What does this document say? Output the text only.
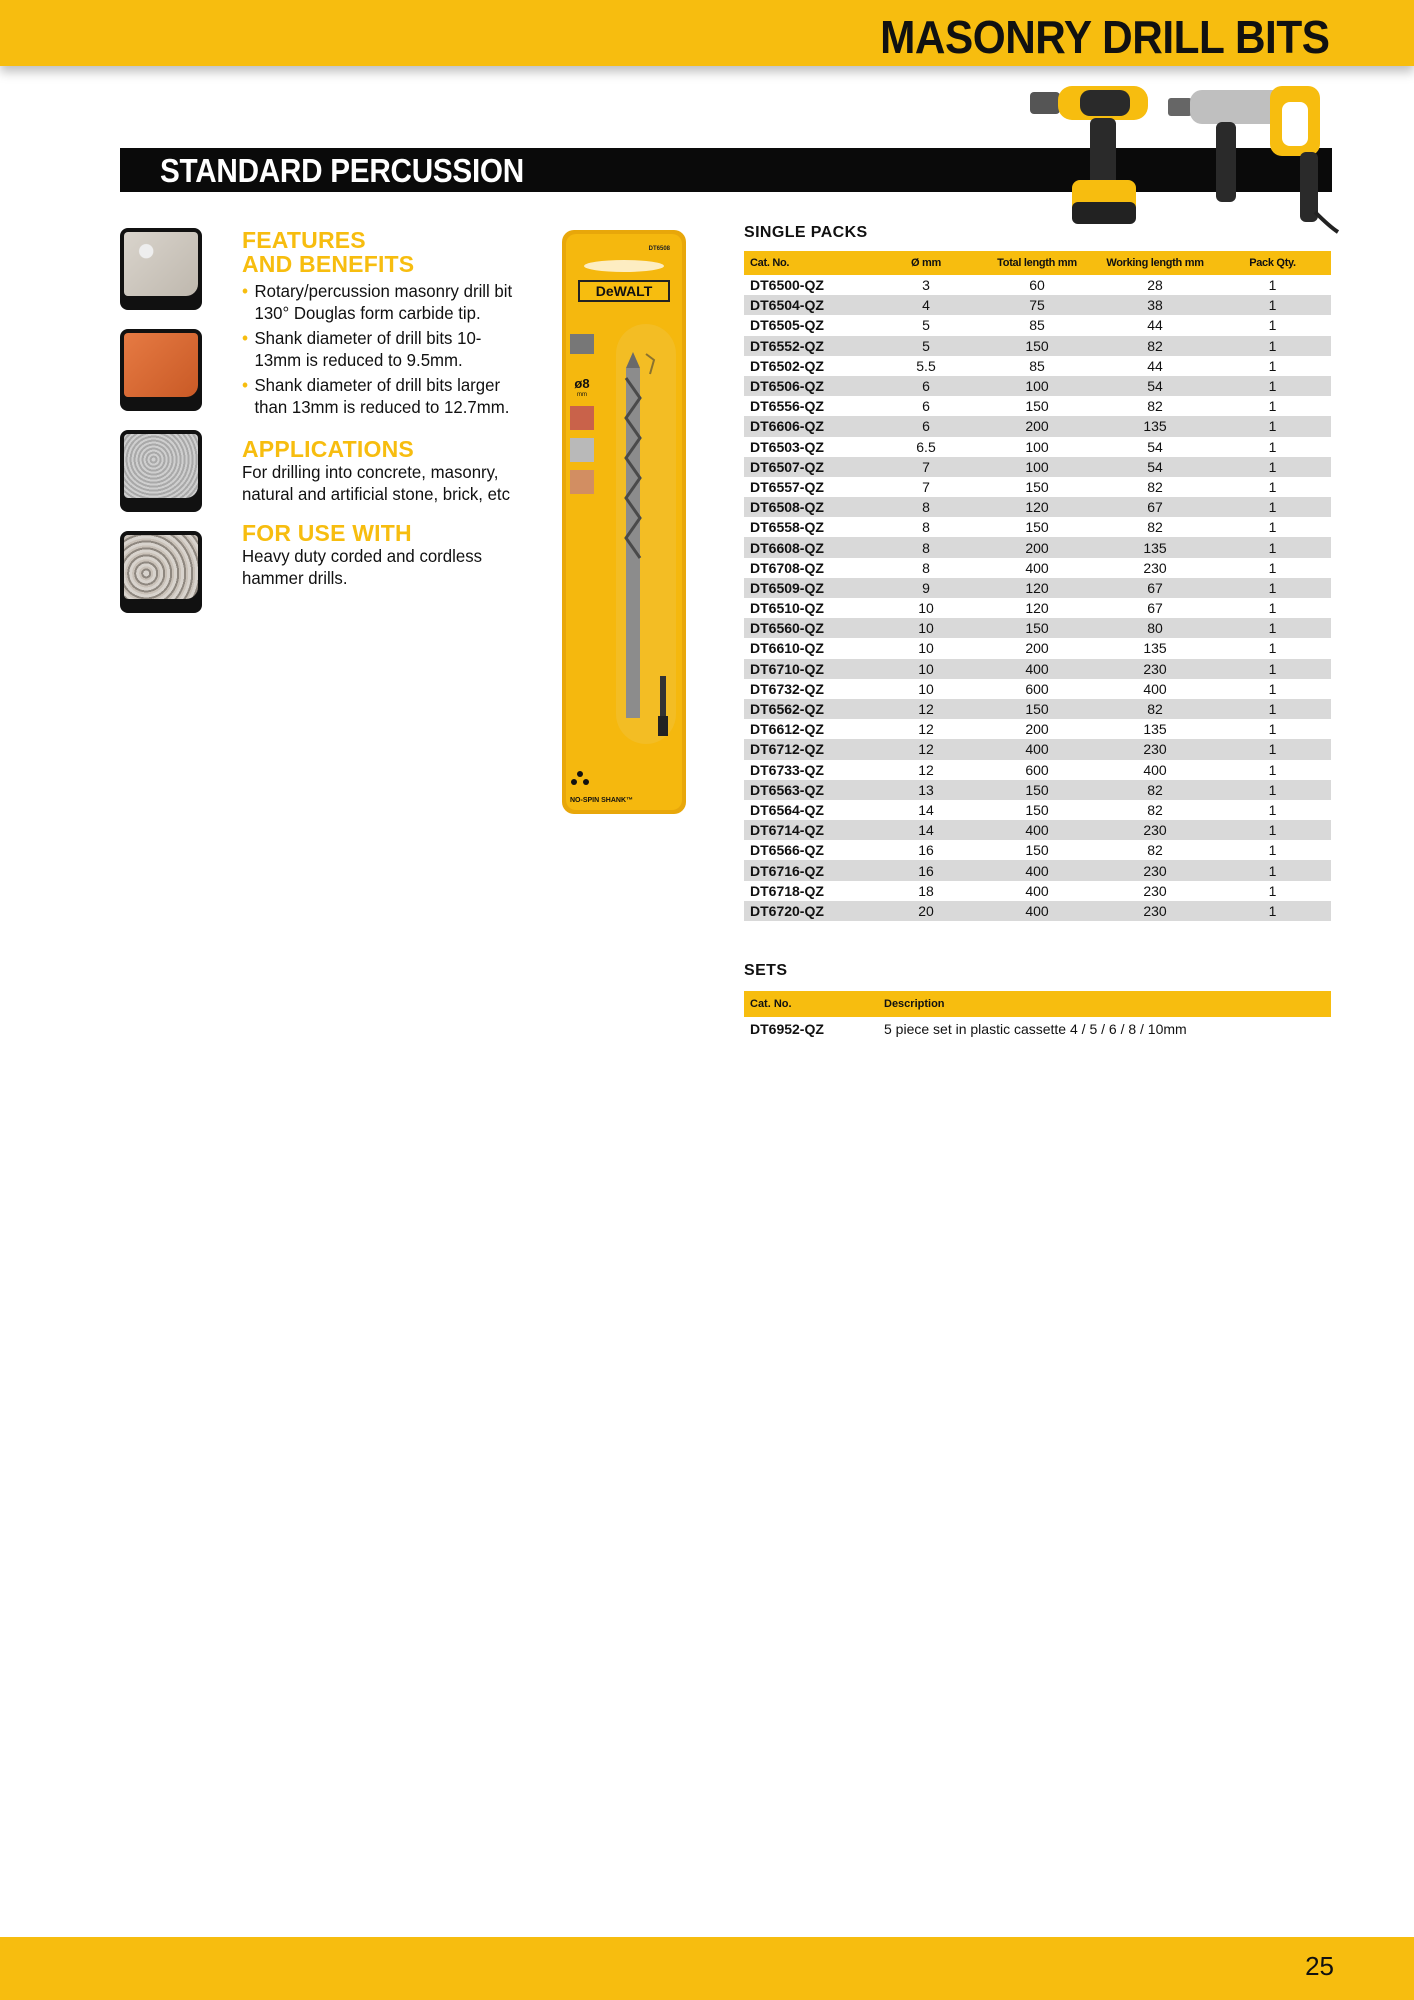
MASONRY DRILL BITS
STANDARD PERCUSSION
FEATURES
AND BENEFITS
• Rotary/percussion masonry drill bit 130° Douglas form carbide tip.
• Shank diameter of drill bits 10-13mm is reduced to 9.5mm.
• Shank diameter of drill bits larger than 13mm is reduced to 12.7mm.
APPLICATIONS
For drilling into concrete, masonry, natural and artificial stone, brick, etc
FOR USE WITH
Heavy duty corded and cordless hammer drills.
DT6508
DeWALT
ø8
mm
NO-SPIN SHANK™
SINGLE PACKS
Cat. No.	Ø mm	Total length mm	Working length mm	Pack Qty.
DT6500-QZ	3	60	28	1
DT6504-QZ	4	75	38	1
DT6505-QZ	5	85	44	1
DT6552-QZ	5	150	82	1
DT6502-QZ	5.5	85	44	1
DT6506-QZ	6	100	54	1
DT6556-QZ	6	150	82	1
DT6606-QZ	6	200	135	1
DT6503-QZ	6.5	100	54	1
DT6507-QZ	7	100	54	1
DT6557-QZ	7	150	82	1
DT6508-QZ	8	120	67	1
DT6558-QZ	8	150	82	1
DT6608-QZ	8	200	135	1
DT6708-QZ	8	400	230	1
DT6509-QZ	9	120	67	1
DT6510-QZ	10	120	67	1
DT6560-QZ	10	150	80	1
DT6610-QZ	10	200	135	1
DT6710-QZ	10	400	230	1
DT6732-QZ	10	600	400	1
DT6562-QZ	12	150	82	1
DT6612-QZ	12	200	135	1
DT6712-QZ	12	400	230	1
DT6733-QZ	12	600	400	1
DT6563-QZ	13	150	82	1
DT6564-QZ	14	150	82	1
DT6714-QZ	14	400	230	1
DT6566-QZ	16	150	82	1
DT6716-QZ	16	400	230	1
DT6718-QZ	18	400	230	1
DT6720-QZ	20	400	230	1
SETS
Cat. No.	Description
DT6952-QZ	5 piece set in plastic cassette 4 / 5 / 6 / 8 / 10mm
25
